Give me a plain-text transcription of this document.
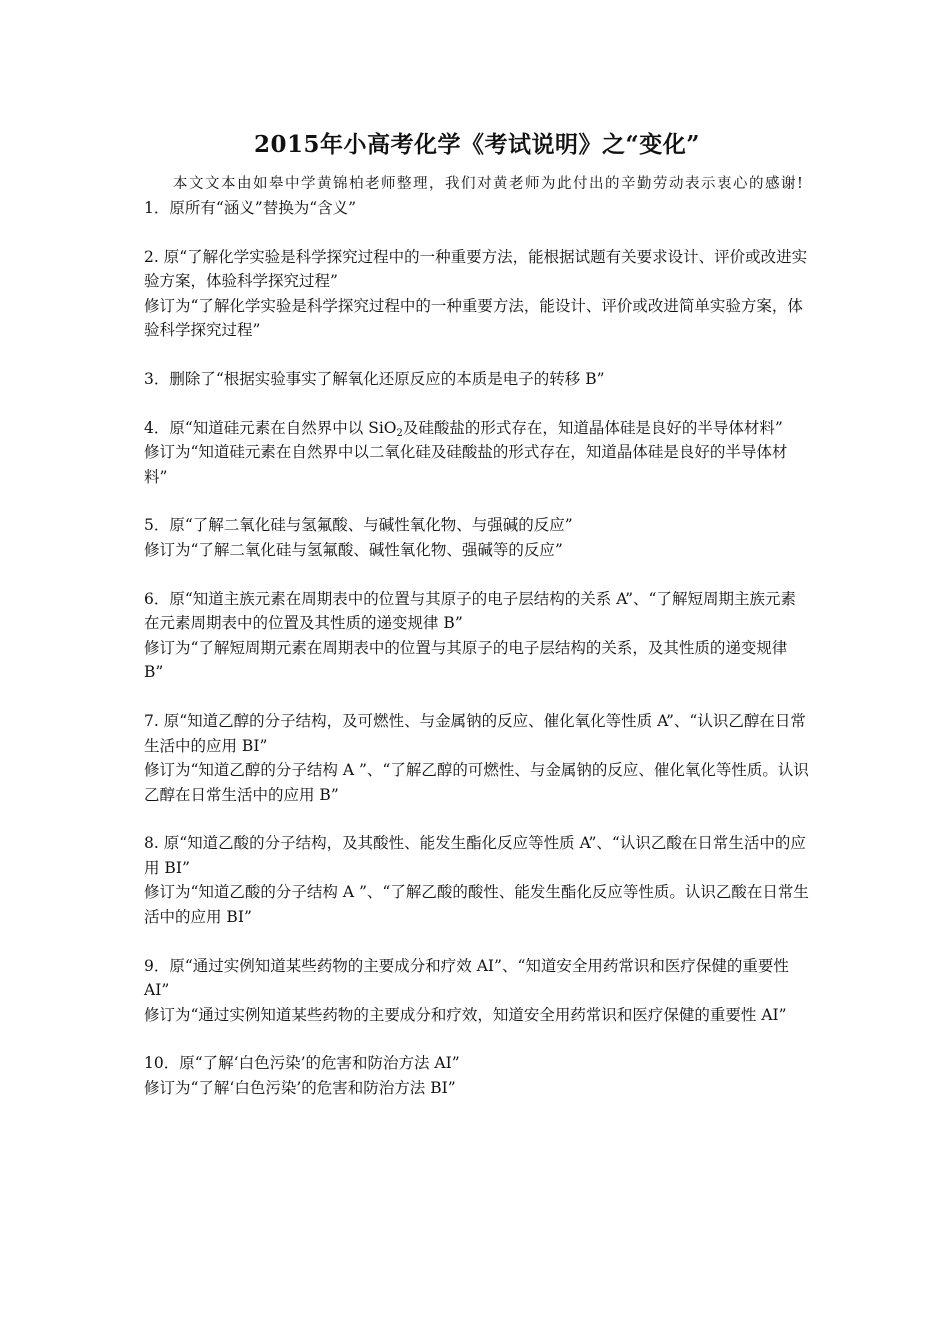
2015年小高考化学《考试说明》之“变化”

本文文本由如皋中学黄锦柏老师整理，我们对黄老师为此付出的辛勤劳动表示衷心的感谢!

1．原所有“涵义”替换为“含义”

2. 原“了解化学实验是科学探究过程中的一种重要方法，能根据试题有关要求设计、评价或改进实验方案，体验科学探究过程”

修订为“了解化学实验是科学探究过程中的一种重要方法，能设计、评价或改进简单实验方案，体验科学探究过程”

3．删除了“根据实验事实了解氧化还原反应的本质是电子的转移 B”

4．原“知道硅元素在自然界中以 SiO$_2$及硅酸盐的形式存在，知道晶体硅是良好的半导体材料”

修订为“知道硅元素在自然界中以二氧化硅及硅酸盐的形式存在，知道晶体硅是良好的半导体材料”

5．原“了解二氧化硅与氢氟酸、与碱性氧化物、与强碱的反应”

修订为“了解二氧化硅与氢氟酸、碱性氧化物、强碱等的反应”

6．原“知道主族元素在周期表中的位置与其原子的电子层结构的关系 A”、“了解短周期主族元素在元素周期表中的位置及其性质的递变规律 B”

修订为“了解短周期元素在周期表中的位置与其原子的电子层结构的关系，及其性质的递变规律 B”

7. 原“知道乙醇的分子结构，及可燃性、与金属钠的反应、催化氧化等性质 A”、“认识乙醇在日常生活中的应用 BⅠ”

修订为“知道乙醇的分子结构 A ”、“了解乙醇的可燃性、与金属钠的反应、催化氧化等性质。认识乙醇在日常生活中的应用 B”

8. 原“知道乙酸的分子结构，及其酸性、能发生酯化反应等性质 A”、“认识乙酸在日常生活中的应用 BⅠ”

修订为“知道乙酸的分子结构 A ”、“了解乙酸的酸性、能发生酯化反应等性质。认识乙酸在日常生活中的应用 BⅠ”

9．原“通过实例知道某些药物的主要成分和疗效 AⅠ”、“知道安全用药常识和医疗保健的重要性 AⅠ”

修订为“通过实例知道某些药物的主要成分和疗效，知道安全用药常识和医疗保健的重要性 AⅠ”

10．原“了解‘白色污染’的危害和防治方法 AⅠ”

修订为“了解‘白色污染’的危害和防治方法 BⅠ”
